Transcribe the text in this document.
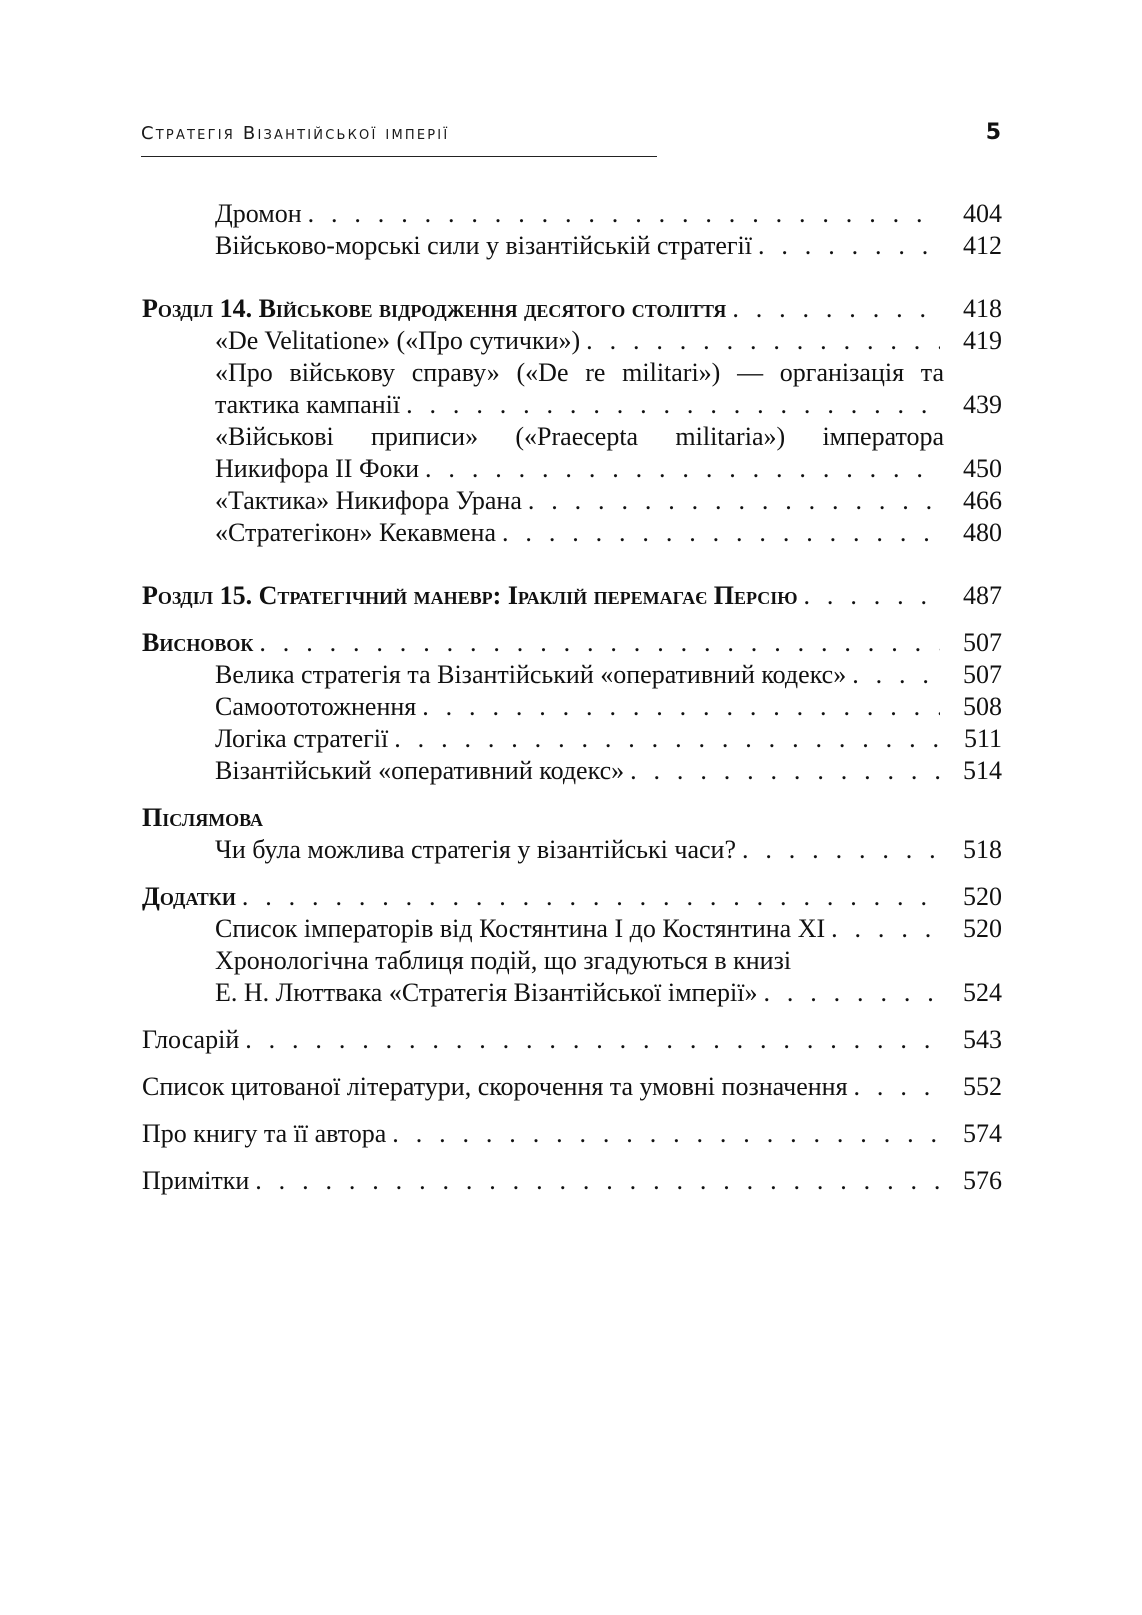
Стратегія Візантійської імперії	5
Дромон . . .	404
Військово-морські сили у візантійській стратегії . . .	412
Розділ 14. Військове відродження десятого століття . . .	418
«De Velitatione» («Про сутички») . . .	419
«Про військову справу» («De re militari») — організація та
тактика кампанії . . .	439
«Військові приписи» («Praecepta militaria») імператора
Никифора II Фоки . . .	450
«Тактика» Никифора Урана . . .	466
«Стратегікон» Кекавмена . . .	480
Розділ 15. Стратегічний маневр: Іраклій перемагає Персію . . .	487
Висновок . . .	507
Велика стратегія та Візантійський «оперативний кодекс» . . .	507
Самоототожнення . . .	508
Логіка стратегії . . .	511
Візантійський «оперативний кодекс» . . .	514
Післямова
Чи була можлива стратегія у візантійські часи? . . .	518
Додатки . . .	520
Список імператорів від Костянтина I до Костянтина XI . . .	520
Хронологічна таблиця подій, що згадуються в книзі
Е. Н. Люттвака «Стратегія Візантійської імперії» . . .	524
Глосарій . . .	543
Список цитованої літератури, скорочення та умовні позначення . . .	552
Про книгу та її автора . . .	574
Примітки . . .	576
